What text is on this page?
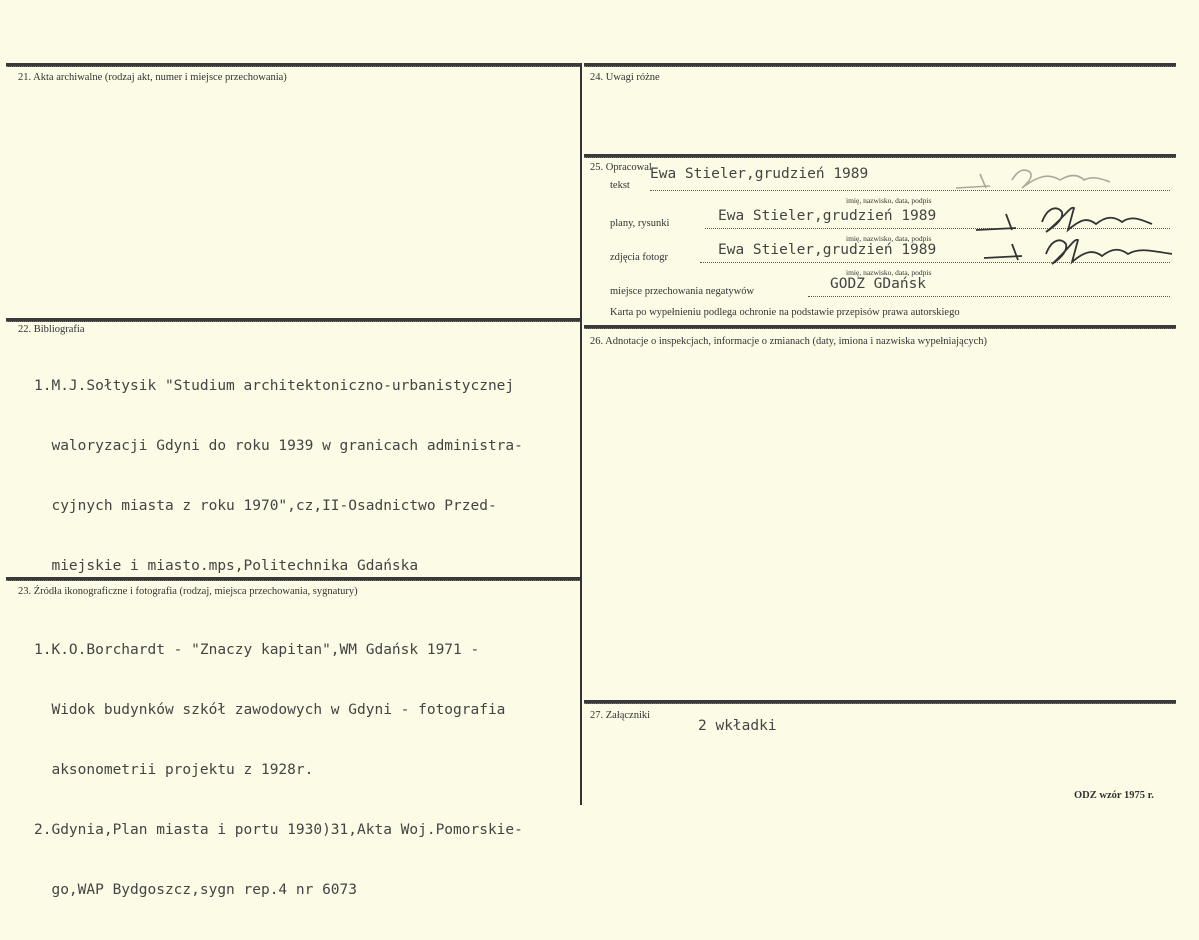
21. Akta archiwalne (rodzaj akt, numer i miejsce przechowania)
22. Bibliografia

1.M.J.Sołtysik "Studium architektoniczno-urbanistycznej

waloryzacji Gdyni do roku 1939 w granicach administra-

cyjnych miasta z roku 1970",cz,II-Osadnictwo Przed-

miejskie i miasto.mps,Politechnika Gdańska

23. Źródła ikonograficzne i fotografia (rodzaj, miejsca przechowania, sygnatury)

1.K.O.Borchardt - "Znaczy kapitan",WM Gdańsk 1971 -

Widok budynków szkół zawodowych w Gdyni - fotografia

aksonometrii projektu z 1928r.

2.Gdynia,Plan miasta i portu 1930)31,Akta Woj.Pomorskie-

go,WAP Bydgoszcz,sygn rep.4 nr 6073

24. Uwagi różne
25. Opracowal
tekst
Ewa Stieler,grudzień 1989
imię, nazwisko, data, podpis
plany, rysunki	Ewa Stieler,grudzień 1989
imię, nazwisko, data, podpis
zdjęcia fotogr	Ewa Stieler,grudzień 1989
imię, nazwisko, data, podpis
miejsce przechowania negatywów	GODZ GDańsk
Karta po wypełnieniu podlega ochronie na podstawie przepisów prawa autorskiego
26. Adnotacje o inspekcjach, informacje o zmianach (daty, imiona i nazwiska wypełniających)
27. Załączniki
2 wkładki
ODZ wzór 1975 r.
